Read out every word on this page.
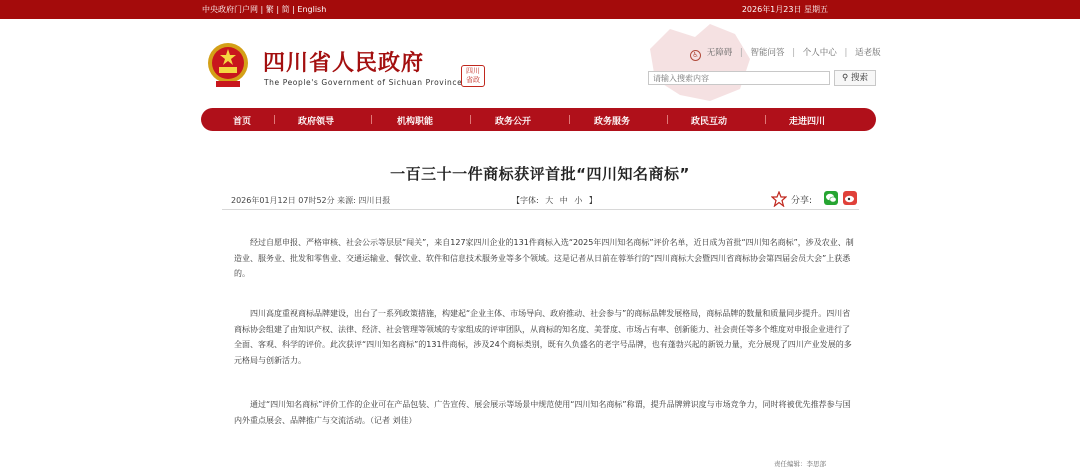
中央政府门户网 | 繁 | 简 | English	2026年1月23日 星期五
四川省人民政府
The People's Government of Sichuan Province
四川
省政
♿ 无障碍 | 智能问答 | 个人中心 | 适老版
请输入搜索内容
⚲ 搜索
首页	政府领导	机构职能	政务公开	政务服务	政民互动	走进四川
一百三十一件商标获评首批“四川知名商标”
2026年01月12日 07时52分 来源: 四川日报	【字体: 大 中 小 】	分享:

经过自愿申报、严格审核、社会公示等层层“闯关”，来自127家四川企业的131件商标入选“2025年四川知名商标”评价名单，近日成为首批“四川知名商标”，涉及农业、制造业、服务业、批发和零售业、交通运输业、餐饮业、软件和信息技术服务业等多个领域。这是记者从日前在蓉举行的“四川商标大会暨四川省商标协会第四届会员大会”上获悉的。

四川高度重视商标品牌建设，出台了一系列政策措施，构建起“企业主体、市场导向、政府推动、社会参与”的商标品牌发展格局，商标品牌的数量和质量同步提升。四川省商标协会组建了由知识产权、法律、经济、社会管理等领域的专家组成的评审团队，从商标的知名度、美誉度、市场占有率、创新能力、社会责任等多个维度对申报企业进行了全面、客观、科学的评价。此次获评“四川知名商标”的131件商标，涉及24个商标类别，既有久负盛名的老字号品牌，也有蓬勃兴起的新锐力量，充分展现了四川产业发展的多元格局与创新活力。

通过“四川知名商标”评价工作的企业可在产品包装、广告宣传、展会展示等场景中规范使用“四川知名商标”称谓，提升品牌辨识度与市场竞争力，同时将被优先推荐参与国内外重点展会、品牌推广与交流活动。（记者 刘佳）

责任编辑：李思部
